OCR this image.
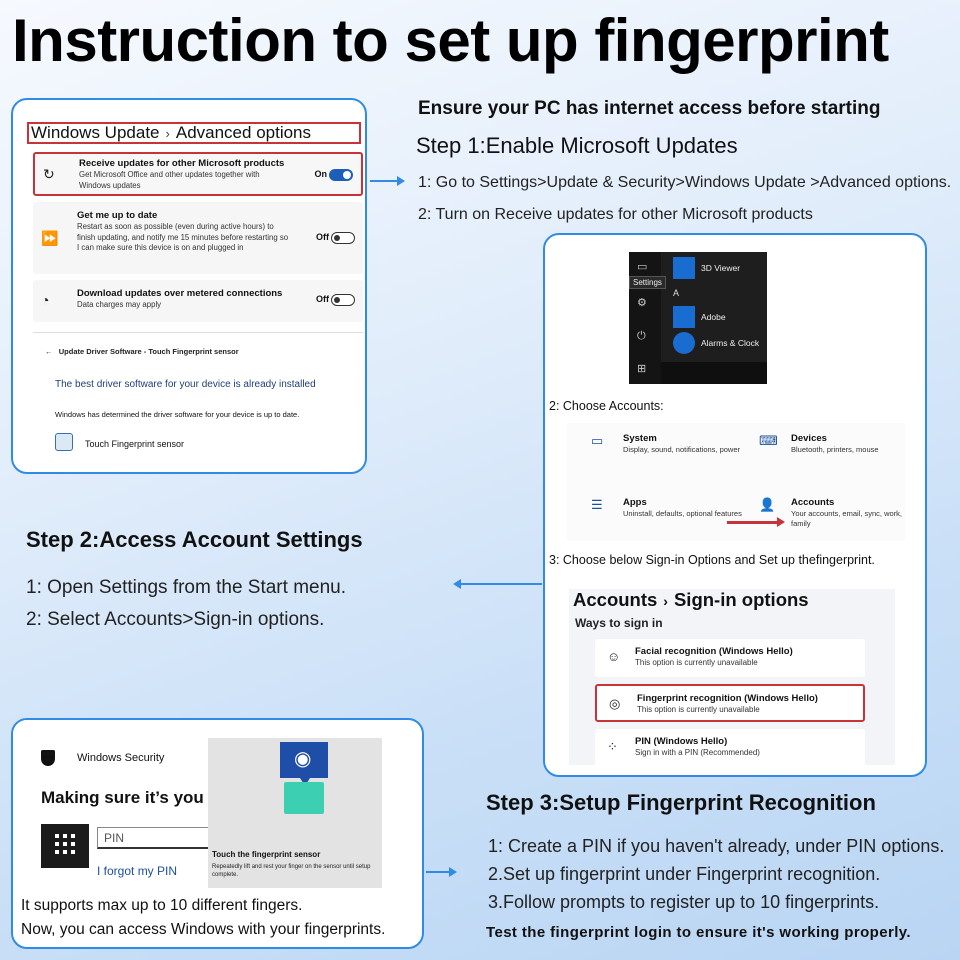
Instruction to set up fingerprint
Windows Update › Advanced options
↻
Receive updates for other Microsoft products
Get Microsoft Office and other updates together with Windows updates
On
⏩
Get me up to date
Restart as soon as possible (even during active hours) to finish updating, and notify me 15 minutes before restarting so I can make sure this device is on and plugged in
Off
◔	Download updates over metered connections
Data charges may apply
Off
← Update Driver Software - Touch Fingerprint sensor
The best driver software for your device is already installed
Windows has determined the driver software for your device is up to date.
Touch Fingerprint sensor
Ensure your PC has internet access before starting
Step 1:Enable Microsoft Updates
1: Go to Settings>Update & Security>Windows Update >Advanced options.
2: Turn on Receive updates for other Microsoft products
▭
⚙
⏻
⊞
Settings
3D Viewer
A
Adobe
Alarms & Clock
2: Choose Accounts:
▭	System
Display, sound, notifications, power
⌨ Devices
Bluetooth, printers, mouse
☰	Apps
Uninstall, defaults, optional features
👤 Accounts
Your accounts, email, sync, work, family
3: Choose below Sign-in Options and Set up thefingerprint.
Accounts › Sign-in options
Ways to sign in
☺ Facial recognition (Windows Hello)
This option is currently unavailable
◎ Fingerprint recognition (Windows Hello)
This option is currently unavailable
⁘ PIN (Windows Hello)
Sign in with a PIN (Recommended)
Step 2:Access Account Settings
1: Open Settings from the Start menu.
2: Select Accounts>Sign-in options.
Windows Security
Making sure it’s you
PIN
I forgot my PIN
◉
Touch the fingerprint sensor
Repeatedly lift and rest your finger on the sensor until setup complete.
It supports max up to 10 different fingers.
Now, you can access Windows with your fingerprints.
Step 3:Setup Fingerprint Recognition
1: Create a PIN if you haven't already, under PIN options.
2.Set up fingerprint under Fingerprint recognition.
3.Follow prompts to register up to 10 fingerprints.
Test the fingerprint login to ensure it's working properly.
